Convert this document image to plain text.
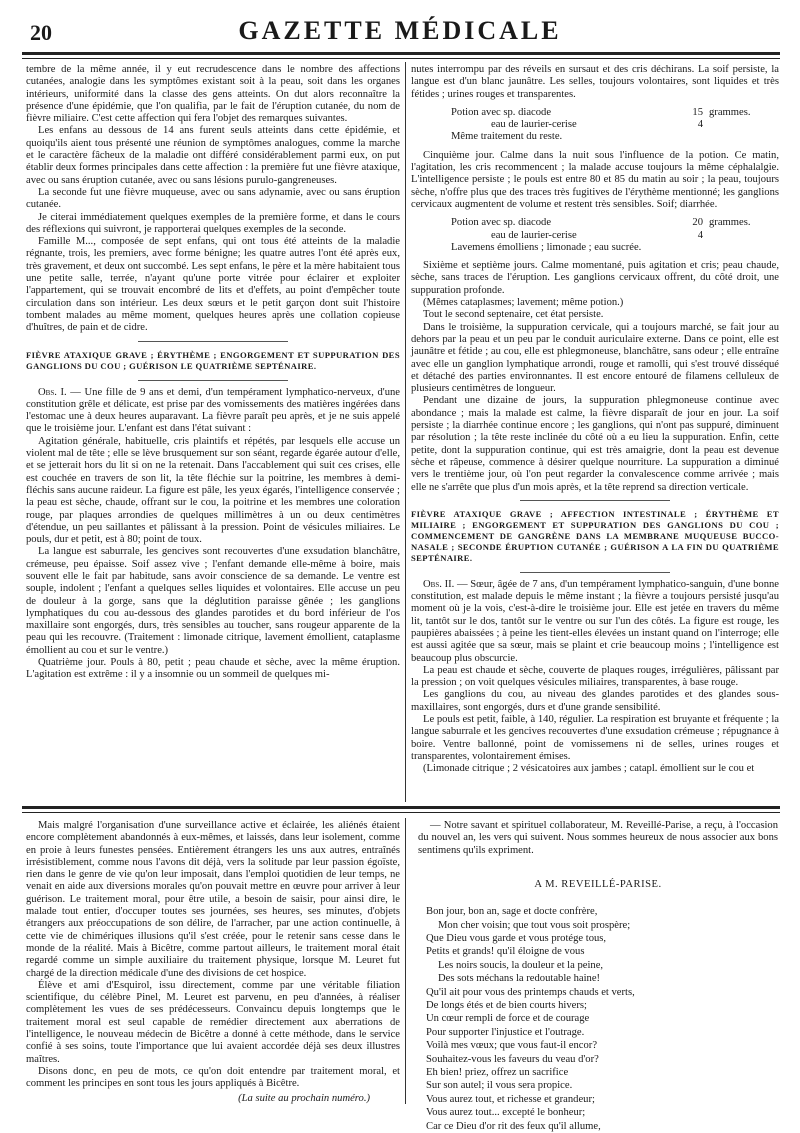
20	GAZETTE MÉDICALE

tembre de la même année, il y eut recrudescence dans le nombre des affections cutanées, analogie dans les symptômes existant soit à la peau, soit dans les organes intérieurs, uniformité dans la classe des gens atteints. On dut alors reconnaître la présence d'une épidémie, que l'on qualifia, par le fait de l'éruption cutanée, du nom de fièvre miliaire. C'est cette affection qui fera l'objet des remarques suivantes.

Les enfans au dessous de 14 ans furent seuls atteints dans cette épidémie, et quoiqu'ils aient tous présenté une réunion de symptômes analogues, comme la marche et le caractère fâcheux de la maladie ont différé considérablement parmi eux, on put établir deux formes principales dans cette affection : la première fut une fièvre ataxique, avec ou sans éruption cutanée, avec ou sans lésions purulo-gangreneuses.

La seconde fut une fièvre muqueuse, avec ou sans adynamie, avec ou sans éruption cutanée.

Je citerai immédiatement quelques exemples de la première forme, et dans le cours des réflexions qui suivront, je rapporterai quelques exemples de la seconde.

Famille M..., composée de sept enfans, qui ont tous été atteints de la maladie régnante, trois, les premiers, avec forme bénigne; les quatre autres l'ont été après eux, très gravement, et deux ont succombé. Les sept enfans, le père et la mère habitaient tous une petite salle, terrée, n'ayant qu'une porte vitrée pour éclairer et exploiter l'appartement, qui se trouvait encombré de lits et d'effets, au point d'empêcher toute circulation dans son intérieur. Les deux sœurs et le petit garçon dont suit l'histoire tombent malades au même moment, quelques heures après une collation copieuse d'huîtres, de pain et de cidre.

FIÈVRE ATAXIQUE GRAVE ; ÉRYTHÈME ; ENGORGEMENT ET SUPPURATION DES GANGLIONS DU COU ; GUÉRISON LE QUATRIÈME SEPTÉNAIRE.

Obs. I. — Une fille de 9 ans et demi, d'un tempérament lymphatico-nerveux, d'une constitution grêle et délicate, est prise par des vomissements des matières ingérées dans l'estomac une à deux heures auparavant. La fièvre paraît peu après, et je ne suis appelé que le troisième jour. L'enfant est dans l'état suivant :

Agitation générale, habituelle, cris plaintifs et répétés, par lesquels elle accuse un violent mal de tête ; elle se lève brusquement sur son séant, regarde égarée autour d'elle, et se jetterait hors du lit si on ne la retenait. Dans l'accablement qui suit ces crises, elle est couchée en travers de son lit, la tête fléchie sur la poitrine, les membres à demi-fléchis sans aucune raideur. La figure est pâle, les yeux égarés, l'intelligence conservée ; la peau est sèche, chaude, offrant sur le cou, la poitrine et les membres une coloration rouge, par plaques arrondies de quelques millimètres à un ou deux centimètres d'étendue, un peu saillantes et pâlissant à la pression. Point de vésicules miliaires. Le pouls, dur et petit, est à 80; point de toux.

La langue est saburrale, les gencives sont recouvertes d'une exsudation blanchâtre, crémeuse, peu épaisse. Soif assez vive ; l'enfant demande elle-même à boire, mais souvent elle le fait par habitude, sans avoir conscience de sa demande. Le ventre est souple, indolent ; l'enfant a quelques selles liquides et volontaires. Elle accuse un peu de douleur à la gorge, sans que la déglutition paraisse gênée ; les ganglions lymphatiques du cou au-dessous des glandes parotides et du bord inférieur de l'os maxillaire sont engorgés, durs, très sensibles au toucher, sans rougeur apparente de la peau qui les recouvre. (Traitement : limonade citrique, lavement émollient, cataplasme émollient au cou et sur le ventre.)

Quatrième jour. Pouls à 80, petit ; peau chaude et sèche, avec la même éruption. L'agitation est extrême : il y a insomnie ou un sommeil de quelques mi-

nutes interrompu par des réveils en sursaut et des cris déchirans. La soif persiste, la langue est d'un blanc jaunâtre. Les selles, toujours volontaires, sont liquides et très fétides ; urines rouges et transparentes.

Potion avec sp. diacode	15 grammes.
eau de laurier-cerise	4
Même traitement du reste.

Cinquième jour. Calme dans la nuit sous l'influence de la potion. Ce matin, l'agitation, les cris recommencent ; la malade accuse toujours la même céphalalgie. L'intelligence persiste ; le pouls est entre 80 et 85 du matin au soir ; la peau, toujours sèche, n'offre plus que des traces très fugitives de l'érythème mentionné; les ganglions cervicaux augmentent de volume et restent très sensibles. Soif; diarrhée.

Potion avec sp. diacode	20 grammes.
eau de laurier-cerise	4
Lavemens émolliens ; limonade ; eau sucrée.

Sixième et septième jours. Calme momentané, puis agitation et cris; peau chaude, sèche, sans traces de l'éruption. Les ganglions cervicaux offrent, du côté droit, une suppuration profonde.

(Mêmes cataplasmes; lavement; même potion.)

Tout le second septenaire, cet état persiste.

Dans le troisième, la suppuration cervicale, qui a toujours marché, se fait jour au dehors par la peau et un peu par le conduit auriculaire externe. Dans ce point, elle est jaunâtre et fétide ; au cou, elle est phlegmoneuse, blanchâtre, sans odeur ; elle entraîne avec elle un ganglion lymphatique arrondi, rouge et ramolli, qui s'est trouvé disséqué et détaché des parties environnantes. Il est encore entouré de filamens celluleux de plusieurs centimètres de longueur.

Pendant une dizaine de jours, la suppuration phlegmoneuse continue avec abondance ; mais la malade est calme, la fièvre disparaît de jour en jour. La soif persiste ; la diarrhée continue encore ; les ganglions, qui n'ont pas suppuré, diminuent par résolution ; la tête reste inclinée du côté où a eu lieu la suppuration. Enfin, cette petite, dont la suppuration continue, qui est très amaigrie, dont la peau est devenue sèche et râpeuse, commence à désirer quelque nourriture. La suppuration a diminué vers le trentième jour, où l'on peut regarder la convalescence comme arrivée ; mais elle ne s'arrête que plus d'un mois après, et la tête reprend sa direction verticale.

FIÈVRE ATAXIQUE GRAVE ; AFFECTION INTESTINALE ; ÉRYTHÈME ET MILIAIRE ; ENGORGEMENT ET SUPPURATION DES GANGLIONS DU COU ; COMMENCEMENT DE GANGRÈNE DANS LA MEMBRANE MUQUEUSE BUCCO-NASALE ; SECONDE ÉRUPTION CUTANÉE ; GUÉRISON A LA FIN DU QUATRIÈME SEPTÉNAIRE.

Obs. II. — Sœur, âgée de 7 ans, d'un tempérament lymphatico-sanguin, d'une bonne constitution, est malade depuis le même instant ; la fièvre a toujours persisté jusqu'au moment où je la vois, c'est-à-dire le troisième jour. Elle est jetée en travers du même lit, tantôt sur le dos, tantôt sur le ventre ou sur l'un des côtés. La figure est rouge, les paupières abaissées ; à peine les tient-elles élevées un instant quand on l'interroge; elle est aussi agitée que sa sœur, mais se plaint et crie beaucoup moins ; l'intelligence est beaucoup plus obscurcie.

La peau est chaude et sèche, couverte de plaques rouges, irrégulières, pâlissant par la pression ; on voit quelques vésicules miliaires, transparentes, à base rouge.

Les ganglions du cou, au niveau des glandes parotides et des glandes sous-maxillaires, sont engorgés, durs et d'une grande sensibilité.

Le pouls est petit, faible, à 140, régulier. La respiration est bruyante et fréquente ; la langue saburrale et les gencives recouvertes d'une exsudation crémeuse ; répugnance à boire. Ventre ballonné, point de vomissemens ni de selles, urines rouges et transparentes, volontairement émises.

(Limonade citrique ; 2 vésicatoires aux jambes ; catapl. émollient sur le cou et

Mais malgré l'organisation d'une surveillance active et éclairée, les aliénés étaient encore complètement abandonnés à eux-mêmes, et laissés, dans leur isolement, comme en proie à leurs funestes pensées. Entièrement étrangers les uns aux autres, entraînés irrésistiblement, comme nous l'avons dit déjà, vers la solitude par leur passion égoïste, rien dans le genre de vie qu'on leur imposait, dans l'emploi quotidien de leur temps, ne venait en aide aux diversions morales qu'on pouvait mettre en œuvre pour arriver à leur guérison. Le traitement moral, pour être utile, a besoin de saisir, pour ainsi dire, le malade tout entier, d'occuper toutes ses journées, ses heures, ses minutes, d'objets étrangers aux préoccupations de son délire, de l'arracher, par une action continuelle, à cette vie de chimériques illusions qu'il s'est créée, pour le retenir sans cesse dans le monde de la réalité. Mais à Bicêtre, comme partout ailleurs, le traitement moral était regardé comme un simple auxiliaire du traitement physique, lorsque M. Leuret fut chargé de la direction médicale d'une des divisions de cet hospice.

Élève et ami d'Esquirol, issu directement, comme par une véritable filiation scientifique, du célèbre Pinel, M. Leuret est parvenu, en peu d'années, à réaliser complètement les vues de ses prédécesseurs. Convaincu depuis longtemps que le traitement moral est seul capable de remédier directement aux aberrations de l'intelligence, le nouveau médecin de Bicêtre a donné à cette méthode, dans le service confié à ses soins, toute l'importance que lui avaient accordée déjà ses deux illustres maîtres.

Disons donc, en peu de mots, ce qu'on doit entendre par traitement moral, et comment les principes en sont tous les jours appliqués à Bicêtre.

(La suite au prochain numéro.)

— Notre savant et spirituel collaborateur, M. Reveillé-Parise, a reçu, à l'occasion du nouvel an, les vers qui suivent. Nous sommes heureux de nous associer aux bons sentimens qu'ils expriment.

A M. REVEILLÉ-PARISE.
Bon jour, bon an, sage et docte confrère,
Mon cher voisin; que tout vous soit prospère;
Que Dieu vous garde et vous protége tous,
Petits et grands! qu'il éloigne de vous
Les noirs soucis, la douleur et la peine,
Des sots méchans la redoutable haine!
Qu'il ait pour vous des printemps chauds et verts,
De longs étés et de bien courts hivers;
Un cœur rempli de force et de courage
Pour supporter l'injustice et l'outrage.
Voilà mes vœux; que vous faut-il encor?
Souhaitez-vous les faveurs du veau d'or?
Eh bien! priez, offrez un sacrifice
Sur son autel; il vous sera propice.
Vous aurez tout, et richesse et grandeur;
Vous aurez tout... excepté le bonheur;
Car ce Dieu d'or rit des feux qu'il allume,
